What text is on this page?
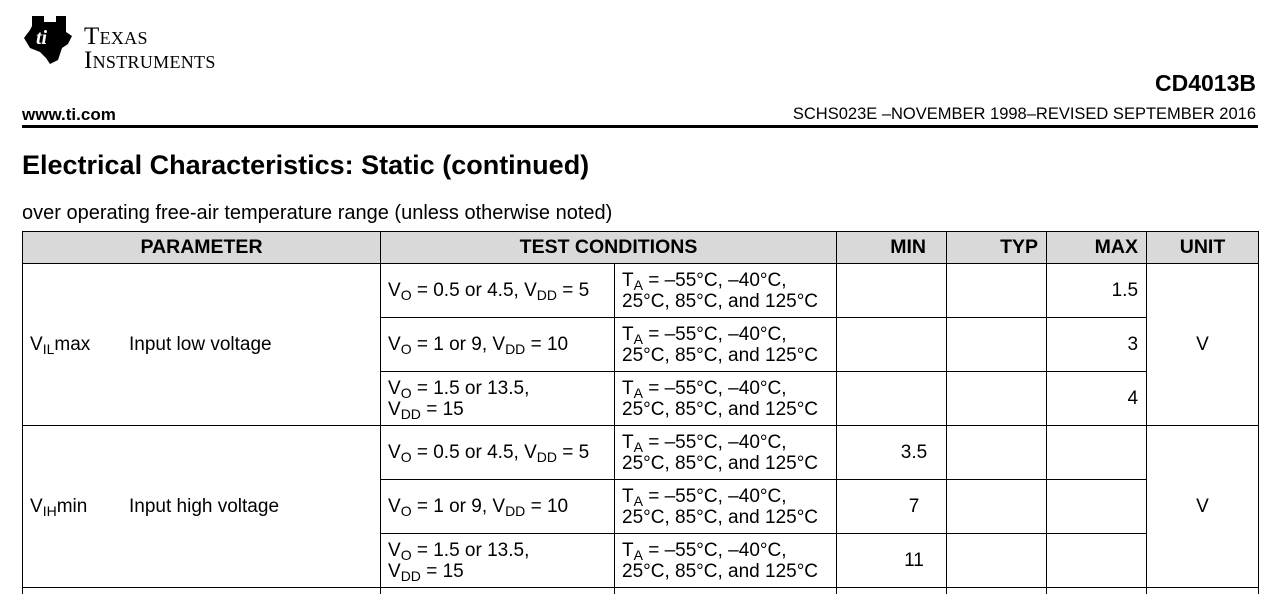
ti Texas
Instruments
CD4013B
www.ti.com	SCHS023E –NOVEMBER 1998–REVISED SEPTEMBER 2016
Electrical Characteristics: Static (continued)
over operating free-air temperature range (unless otherwise noted)
PARAMETER	TEST CONDITIONS		MIN	TYP	MAX	UNIT

$V_{IL}\max$ Input low voltage	$V_O = 0.5$ or 4.5, $V_{DD} = 5$	$T_A = -55^\circ C$, –40°C,
25°C, 85°C, and 125°C			1.5	V
	$V_O = 1$ or 9, $V_{DD} = 10$	$T_A = -55^\circ C$, –40°C,
25°C, 85°C, and 125°C			3	
	$V_O = 1.5$ or 13.5,
$V_{DD} = 15$	$T_A = -55^\circ C$, –40°C,
25°C, 85°C, and 125°C			4	

$V_{IH}\min$ Input high voltage	$V_O = 0.5$ or 4.5, $V_{DD} = 5$	$T_A = -55^\circ C$, –40°C,
25°C, 85°C, and 125°C	3.5			V
	$V_O = 1$ or 9, $V_{DD} = 10$	$T_A = -55^\circ C$, –40°C,
25°C, 85°C, and 125°C	7			
	$V_O = 1.5$ or 13.5,
$V_{DD} = 15$	$T_A = -55^\circ C$, –40°C,
25°C, 85°C, and 125°C	11			
